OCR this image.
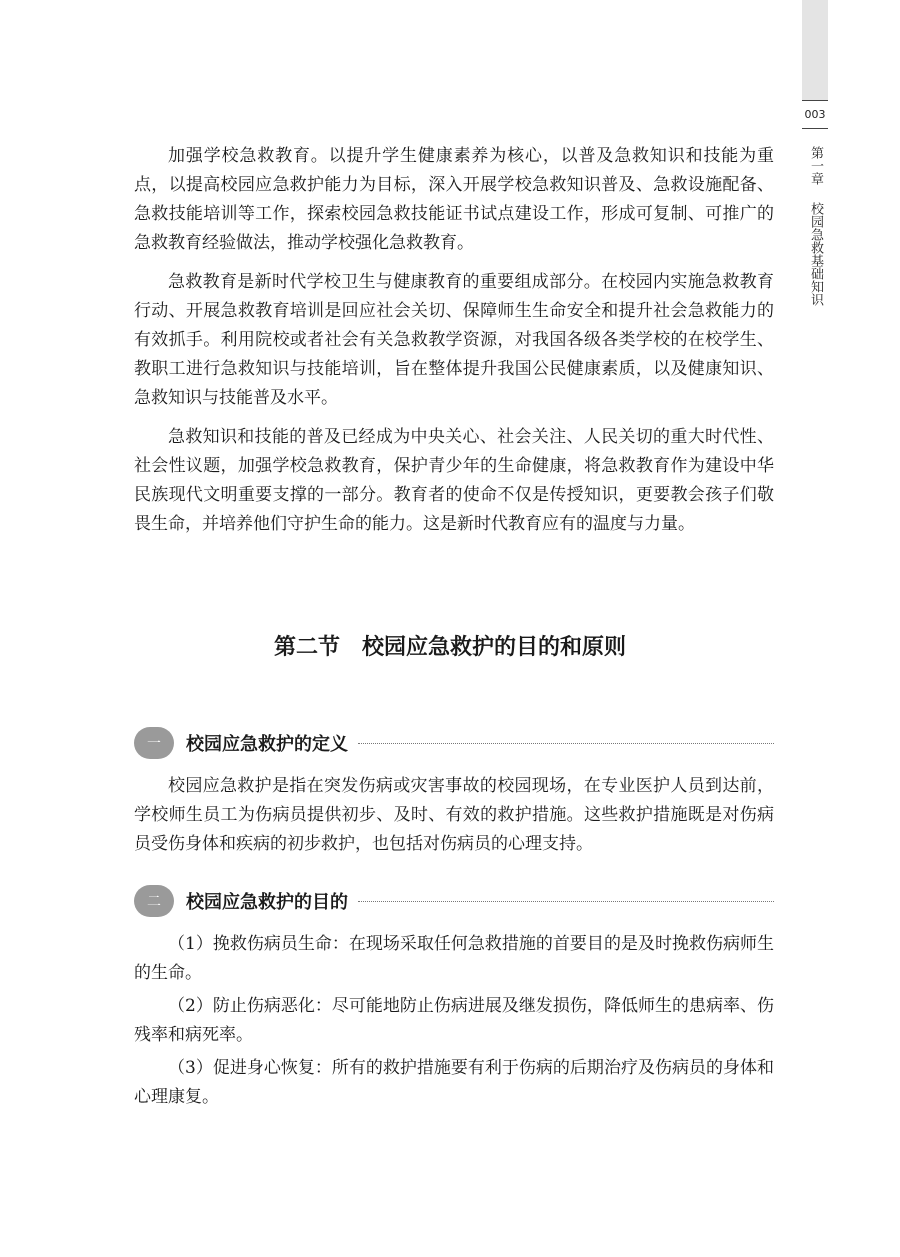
003
第一章
校园急救基础知识

加强学校急救教育。以提升学生健康素养为核心，以普及急救知识和技能为重点，以提高校园应急救护能力为目标，深入开展学校急救知识普及、急救设施配备、急救技能培训等工作，探索校园急救技能证书试点建设工作，形成可复制、可推广的急救教育经验做法，推动学校强化急救教育。

急救教育是新时代学校卫生与健康教育的重要组成部分。在校园内实施急救教育行动、开展急救教育培训是回应社会关切、保障师生生命安全和提升社会急救能力的有效抓手。利用院校或者社会有关急救教学资源，对我国各级各类学校的在校学生、教职工进行急救知识与技能培训，旨在整体提升我国公民健康素质，以及健康知识、急救知识与技能普及水平。

急救知识和技能的普及已经成为中央关心、社会关注、人民关切的重大时代性、社会性议题，加强学校急救教育，保护青少年的生命健康，将急救教育作为建设中华民族现代文明重要支撑的一部分。教育者的使命不仅是传授知识，更要教会孩子们敬畏生命，并培养他们守护生命的能力。这是新时代教育应有的温度与力量。

第二节　校园应急救护的目的和原则
一	校园应急救护的定义

校园应急救护是指在突发伤病或灾害事故的校园现场，在专业医护人员到达前，学校师生员工为伤病员提供初步、及时、有效的救护措施。这些救护措施既是对伤病员受伤身体和疾病的初步救护，也包括对伤病员的心理支持。

二	校园应急救护的目的

（1）挽救伤病员生命：在现场采取任何急救措施的首要目的是及时挽救伤病师生的生命。

（2）防止伤病恶化：尽可能地防止伤病进展及继发损伤，降低师生的患病率、伤残率和病死率。

（3）促进身心恢复：所有的救护措施要有利于伤病的后期治疗及伤病员的身体和心理康复。
